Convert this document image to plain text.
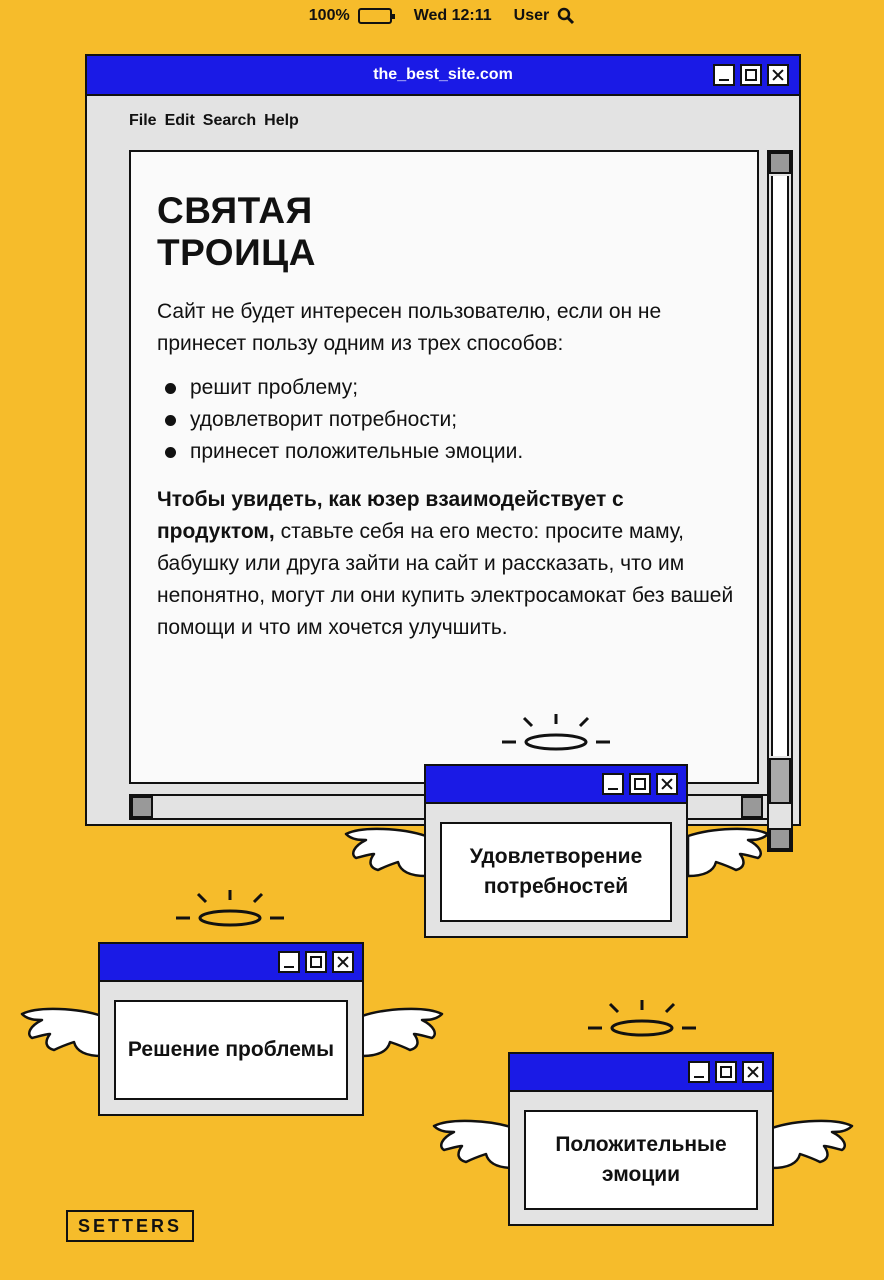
100%	Wed 12:11 User
the_best_site.com
File Edit Search Help
СВЯТАЯ ТРОИЦА

Сайт не будет интересен пользователю, если он не принесет пользу одним из трех способов:

решит проблему;
удовлетворит потребности;
принесет положительные эмоции.

Чтобы увидеть, как юзер взаимодействует с продуктом, ставьте себя на его место: просите маму, бабушку или друга зайти на сайт и рассказать, что им непонятно, могут ли они купить электросамокат без вашей помощи и что им хочется улучшить.

Удовлетворение потребностей
Решение проблемы
Положительные эмоции
SETTERS
